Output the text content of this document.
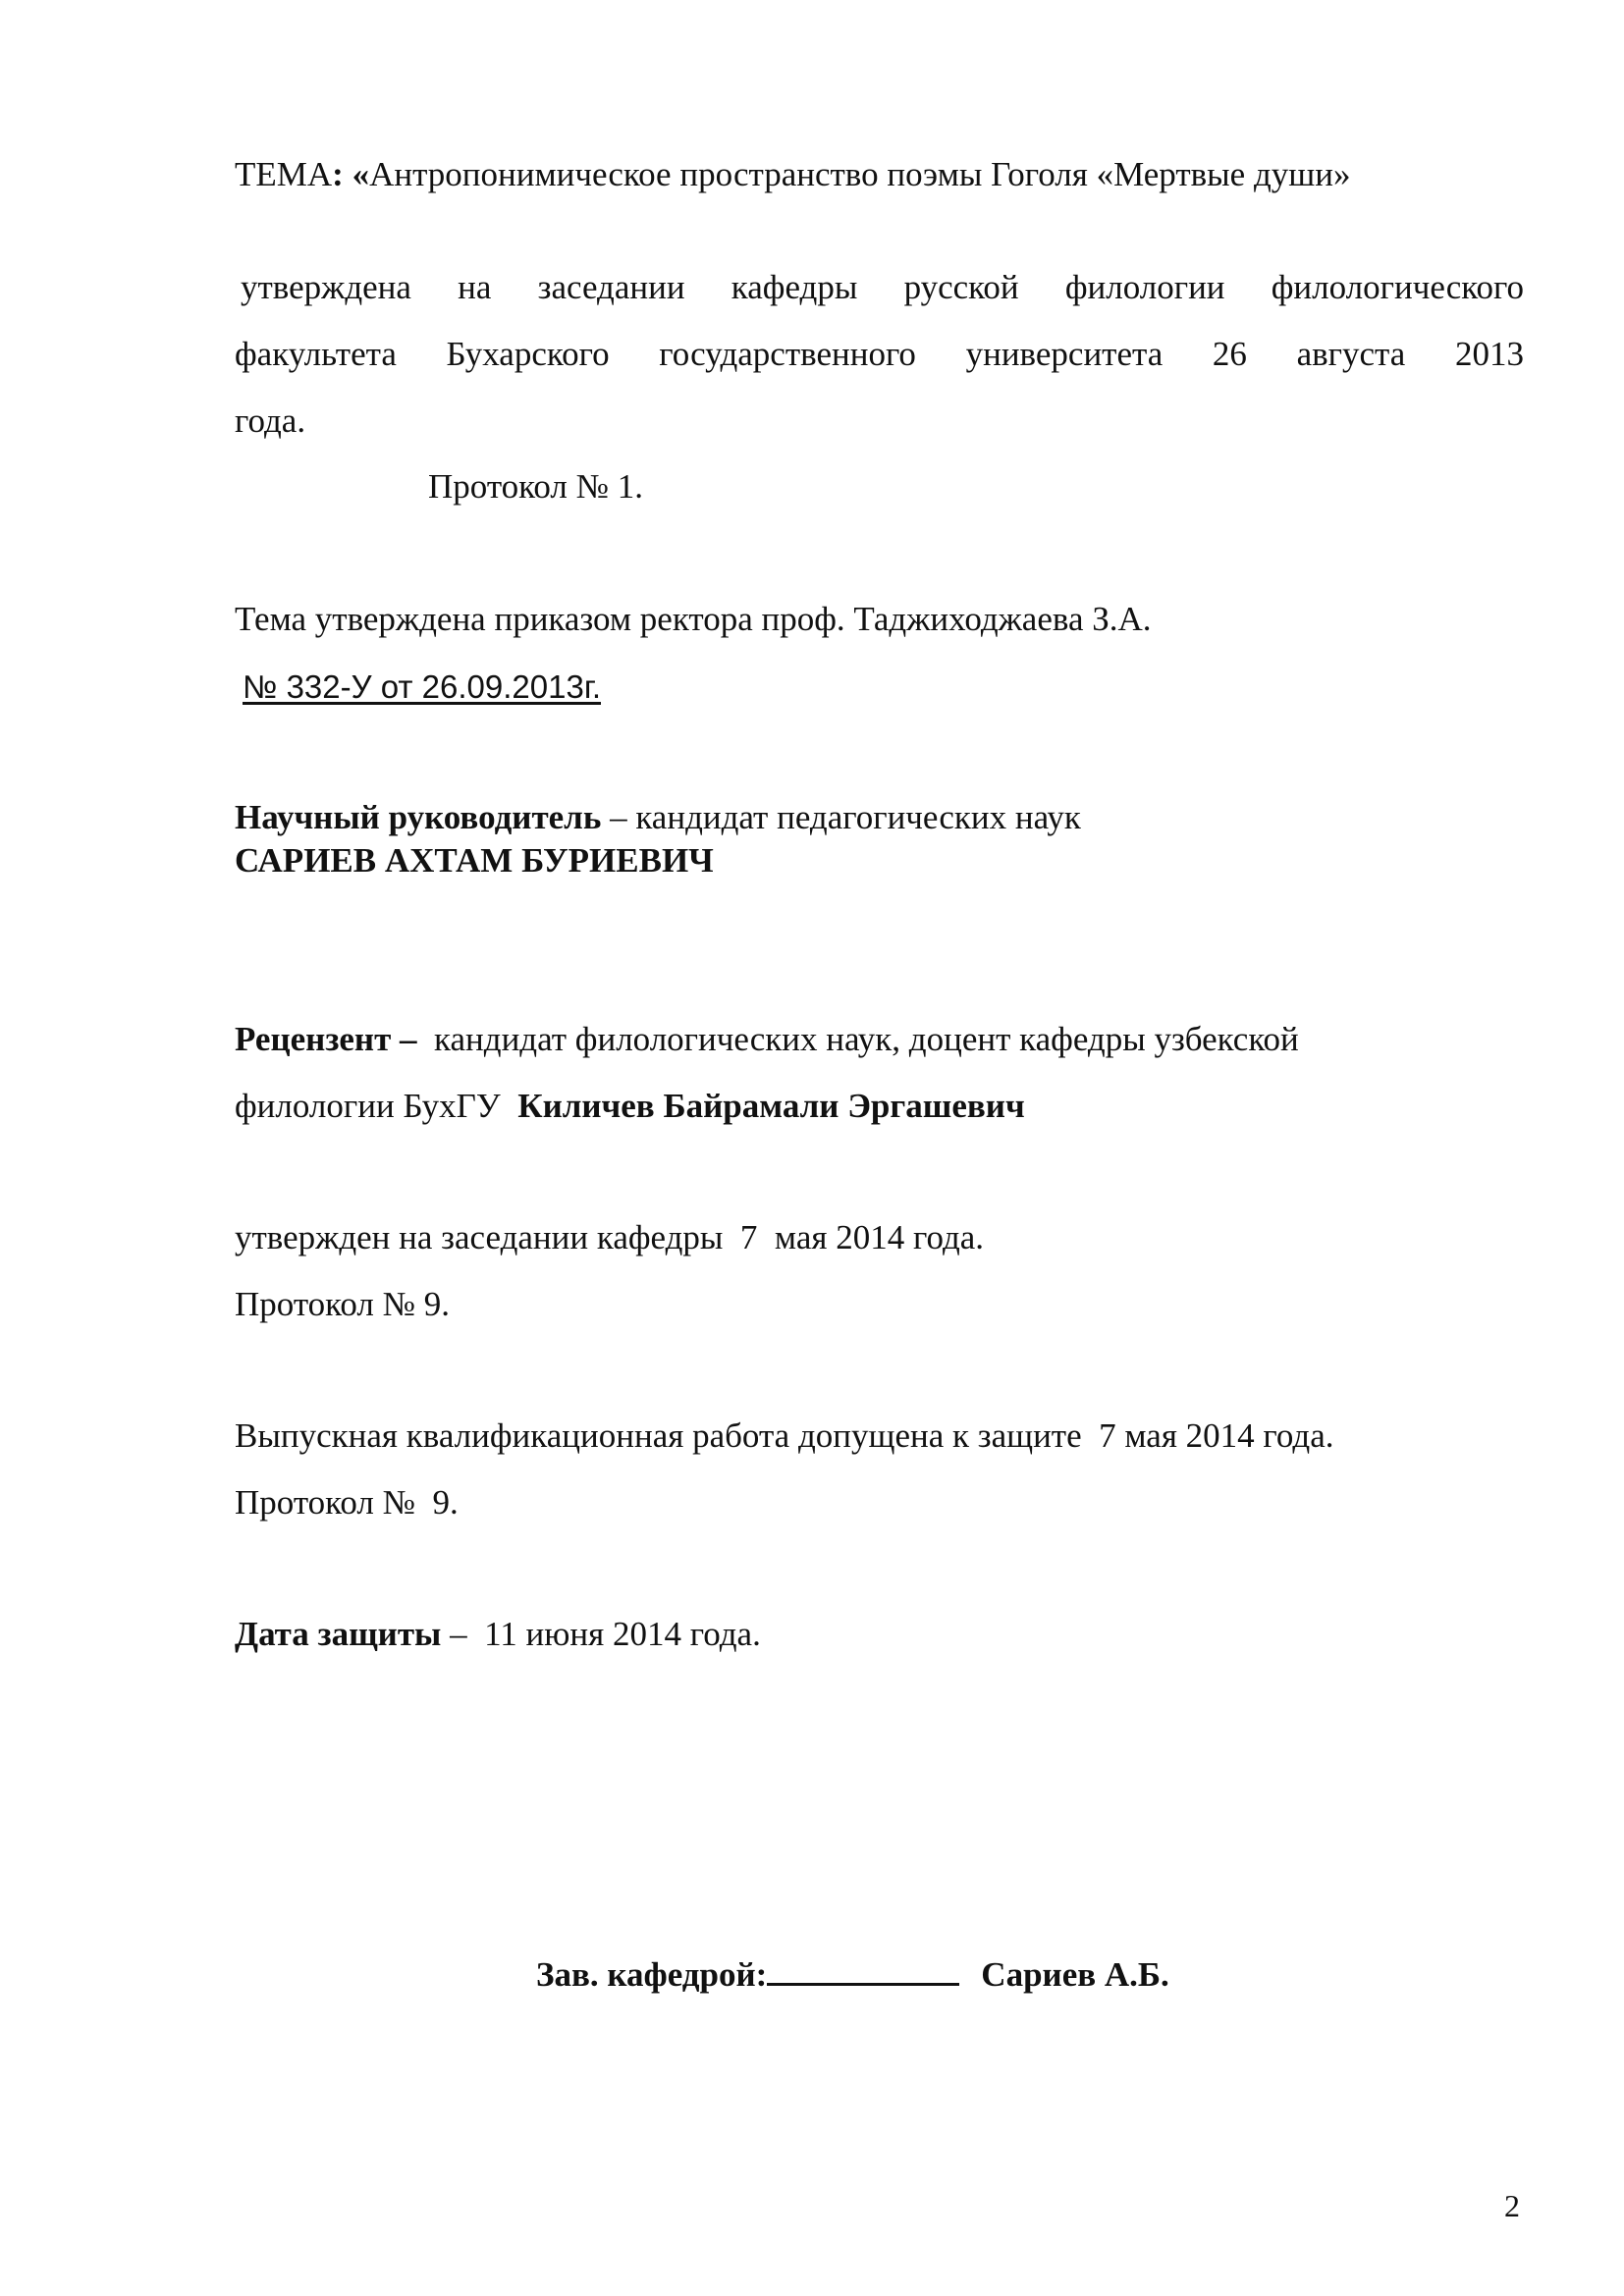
ТЕМА: «Антропонимическое пространство поэмы Гоголя «Мертвые души»
утверждена на заседании кафедры русской филологии филологического
факультета Бухарского государственного университета 26 августа 2013
года.
Протокол № 1.
Тема утверждена приказом ректора проф. Таджиходжаева З.А.
№ 332-У от 26.09.2013г.
Научный руководитель – кандидат педагогических наук
САРИЕВ АХТАМ БУРИЕВИЧ
Рецензент –  кандидат филологических наук, доцент кафедры узбекской
филологии БухГУ  Киличев Байрамали Эргашевич
утвержден на заседании кафедры  7  мая 2014 года.
Протокол № 9.
Выпускная квалификационная работа допущена к защите  7 мая 2014 года.
Протокол №  9.
Дата защиты –  11 июня 2014 года.
Зав. кафедрой:	Сариев А.Б.
2
